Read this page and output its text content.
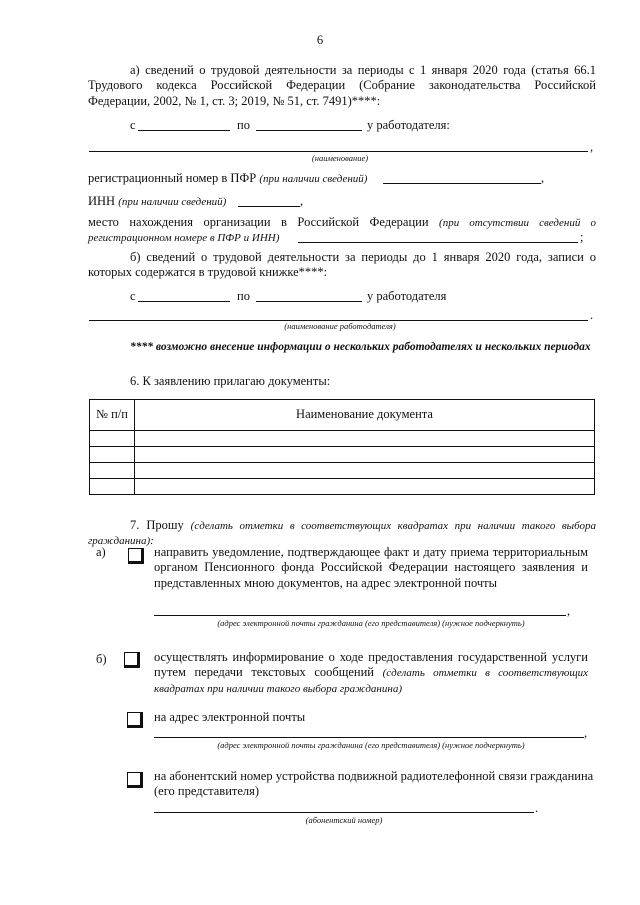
6
а) сведений о трудовой деятельности за периоды с 1 января 2020 года (статья 66.1 Трудового кодекса Российской Федерации (Собрание законодательства Российской Федерации, 2002, № 1, ст. 3; 2019, № 51, ст. 7491)****:
с	по	у работодателя:
,
(наименование)
регистрационный номер в ПФР (при наличии сведений)	,
ИНН (при наличии сведений)	,
место нахождения организации в Российской Федерации (при отсутствии сведений о регистрационном номере в ПФР и ИНН)	;
б) сведений о трудовой деятельности за периоды до 1 января 2020 года, записи о которых содержатся в трудовой книжке****:
с	по	у работодателя
.
(наименование работодателя)
**** возможно внесение информации о нескольких работодателях и нескольких периодах
6. К заявлению прилагаю документы:
№ п/п	Наименование документа

7. Прошу (сделать отметки в соответствующих квадратах при наличии такого выбора гражданина):
а)	направить уведомление, подтверждающее факт и дату приема территориальным органом Пенсионного фонда Российской Федерации настоящего заявления и представленных мною документов, на адрес электронной почты
,
(адрес электронной почты гражданина (его представителя) (нужное подчеркнуть)
б)	осуществлять информирование о ходе предоставления государственной услуги путем передачи текстовых сообщений (сделать отметки в соответствующих квадратах при наличии такого выбора гражданина)
на адрес электронной почты
,
(адрес электронной почты гражданина (его представителя) (нужное подчеркнуть)
на абонентский номер устройства подвижной радиотелефонной связи гражданина (его представителя)
.
(абонентский номер)
